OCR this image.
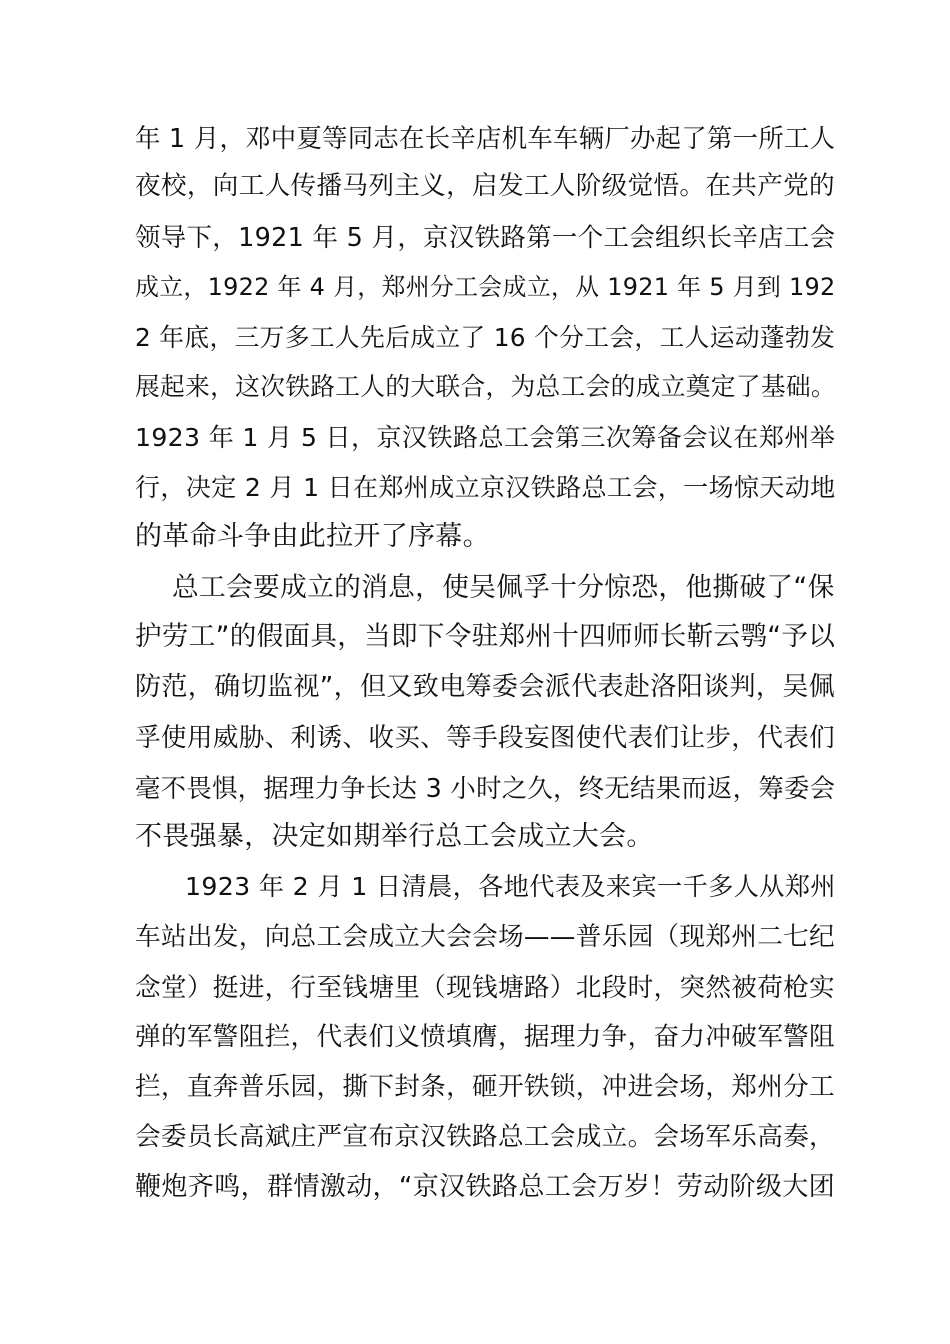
年 1 月，邓中夏等同志在长辛店机车车辆厂办起了第一所工人
夜校，向工人传播马列主义，启发工人阶级觉悟。在共产党的
领导下，1921 年 5 月，京汉铁路第一个工会组织长辛店工会
成立，1922 年 4 月，郑州分工会成立，从 1921 年 5 月到 192
2 年底，三万多工人先后成立了 16 个分工会，工人运动蓬勃发
展起来，这次铁路工人的大联合，为总工会的成立奠定了基础。
1923 年 1 月 5 日，京汉铁路总工会第三次筹备会议在郑州举
行，决定 2 月 1 日在郑州成立京汉铁路总工会，一场惊天动地
的革命斗争由此拉开了序幕。
总工会要成立的消息，使吴佩孚十分惊恐，他撕破了“保
护劳工”的假面具，当即下令驻郑州十四师师长靳云鹗“予以
防范，确切监视”，但又致电筹委会派代表赴洛阳谈判，吴佩
孚使用威胁、利诱、收买、等手段妄图使代表们让步，代表们
毫不畏惧，据理力争长达 3 小时之久，终无结果而返，筹委会
不畏强暴，决定如期举行总工会成立大会。
1923 年 2 月 1 日清晨，各地代表及来宾一千多人从郑州
车站出发，向总工会成立大会会场——普乐园（现郑州二七纪
念堂）挺进，行至钱塘里（现钱塘路）北段时，突然被荷枪实
弹的军警阻拦，代表们义愤填膺，据理力争，奋力冲破军警阻
拦，直奔普乐园，撕下封条，砸开铁锁，冲进会场，郑州分工
会委员长高斌庄严宣布京汉铁路总工会成立。会场军乐高奏，
鞭炮齐鸣，群情激动，“京汉铁路总工会万岁！劳动阶级大团
